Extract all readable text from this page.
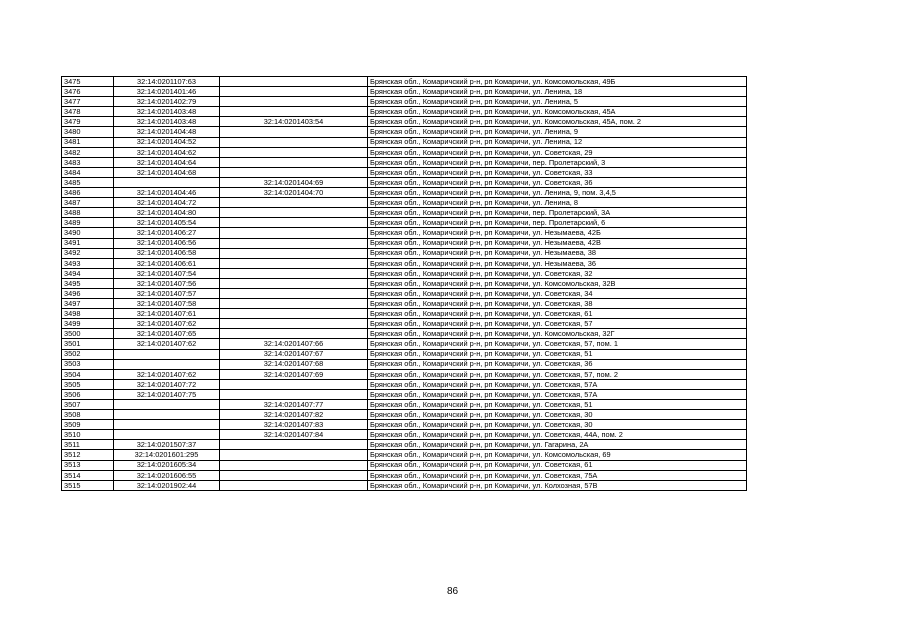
3475	32:14:0201107:63		Брянская обл., Комаричский р-н, рп Комаричи, ул. Комсомольская, 49Б
3476	32:14:0201401:46		Брянская обл., Комаричский р-н, рп Комаричи, ул. Ленина, 18
3477	32:14:0201402:79		Брянская обл., Комаричский р-н, рп Комаричи, ул. Ленина, 5
3478	32:14:0201403:48		Брянская обл., Комаричский р-н, рп Комаричи, ул. Комсомольская, 45А
3479	32:14:0201403:48	32:14:0201403:54	Брянская обл., Комаричский р-н, рп Комаричи, ул. Комсомольская, 45А, пом. 2
3480	32:14:0201404:48		Брянская обл., Комаричский р-н, рп Комаричи, ул. Ленина, 9
3481	32:14:0201404:52		Брянская обл., Комаричский р-н, рп Комаричи, ул. Ленина, 12
3482	32:14:0201404:62		Брянская обл., Комаричский р-н, рп Комаричи, ул. Советская, 29
3483	32:14:0201404:64		Брянская обл., Комаричский р-н, рп Комаричи, пер. Пролетарский, 3
3484	32:14:0201404:68		Брянская обл., Комаричский р-н, рп Комаричи, ул. Советская, 33
3485		32:14:0201404:69	Брянская обл., Комаричский р-н, рп Комаричи, ул. Советская, 36
3486	32:14:0201404:46	32:14:0201404:70	Брянская обл., Комаричский р-н, рп Комаричи, ул. Ленина, 9, пом. 3,4,5
3487	32:14:0201404:72		Брянская обл., Комаричский р-н, рп Комаричи, ул. Ленина, 8
3488	32:14:0201404:80		Брянская обл., Комаричский р-н, рп Комаричи, пер. Пролетарский, 3А
3489	32:14:0201405:54		Брянская обл., Комаричский р-н, рп Комаричи, пер. Пролетарский, 6
3490	32:14:0201406:27		Брянская обл., Комаричский р-н, рп Комаричи, ул. Незымаева, 42Б
3491	32:14:0201406:56		Брянская обл., Комаричский р-н, рп Комаричи, ул. Незымаева, 42В
3492	32:14:0201406:58		Брянская обл., Комаричский р-н, рп Комаричи, ул. Незымаева, 38
3493	32:14:0201406:61		Брянская обл., Комаричский р-н, рп Комаричи, ул. Незымаева, 36
3494	32:14:0201407:54		Брянская обл., Комаричский р-н, рп Комаричи, ул. Советская, 32
3495	32:14:0201407:56		Брянская обл., Комаричский р-н, рп Комаричи, ул. Комсомольская, 32В
3496	32:14:0201407:57		Брянская обл., Комаричский р-н, рп Комаричи, ул. Советская, 34
3497	32:14:0201407:58		Брянская обл., Комаричский р-н, рп Комаричи, ул. Советская, 38
3498	32:14:0201407:61		Брянская обл., Комаричский р-н, рп Комаричи, ул. Советская, 61
3499	32:14:0201407:62		Брянская обл., Комаричский р-н, рп Комаричи, ул. Советская, 57
3500	32:14:0201407:65		Брянская обл., Комаричский р-н, рп Комаричи, ул. Комсомольская, 32Г
3501	32:14:0201407:62	32:14:0201407:66	Брянская обл., Комаричский р-н, рп Комаричи, ул. Советская, 57, пом. 1
3502		32:14:0201407:67	Брянская обл., Комаричский р-н, рп Комаричи, ул. Советская, 51
3503		32:14:0201407:68	Брянская обл., Комаричский р-н, рп Комаричи, ул. Советская, 36
3504	32:14:0201407:62	32:14:0201407:69	Брянская обл., Комаричский р-н, рп Комаричи, ул. Советская, 57, пом. 2
3505	32:14:0201407:72		Брянская обл., Комаричский р-н, рп Комаричи, ул. Советская, 57А
3506	32:14:0201407:75		Брянская обл., Комаричский р-н, рп Комаричи, ул. Советская, 57А
3507		32:14:0201407:77	Брянская обл., Комаричский р-н, рп Комаричи, ул. Советская, 51
3508		32:14:0201407:82	Брянская обл., Комаричский р-н, рп Комаричи, ул. Советская, 30
3509		32:14:0201407:83	Брянская обл., Комаричский р-н, рп Комаричи, ул. Советская, 30
3510		32:14:0201407:84	Брянская обл., Комаричский р-н, рп Комаричи, ул. Советская, 44А, пом. 2
3511	32:14:0201507:37		Брянская обл., Комаричский р-н, рп Комаричи, ул. Гагарина, 2А
3512	32:14:0201601:295		Брянская обл., Комаричский р-н, рп Комаричи, ул. Комсомольская, 69
3513	32:14:0201605:34		Брянская обл., Комаричский р-н, рп Комаричи, ул. Советская, 61
3514	32:14:0201606:55		Брянская обл., Комаричский р-н, рп Комаричи, ул. Советская, 75А
3515	32:14:0201902:44		Брянская обл., Комаричский р-н, рп Комаричи, ул. Колхозная, 57В
86
